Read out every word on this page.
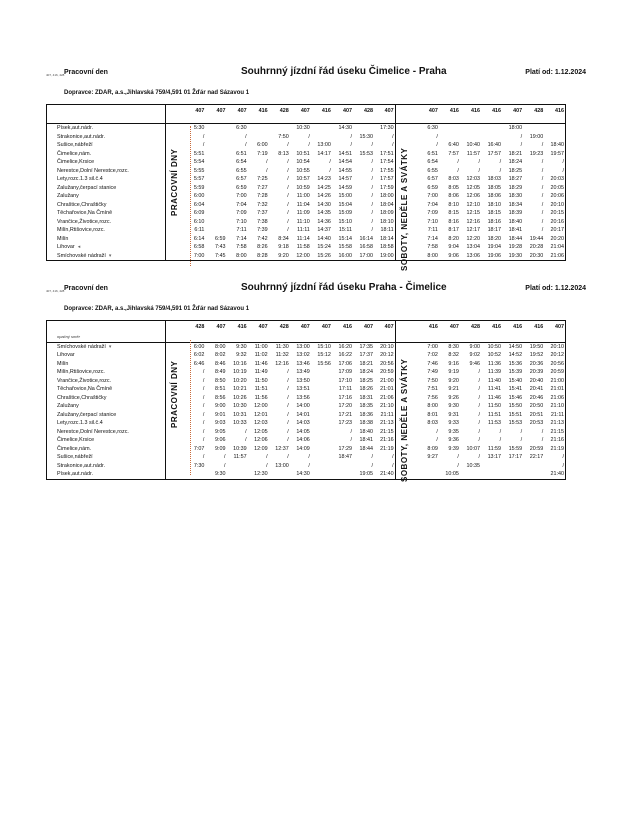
407, 416, 428 Pracovní den	Souhrnný jízdní řád úseku Čimelice - Praha	Platí od: 1.12.2024
Dopravce: ZDAR, a.s.,Jihlavská 759/4,591 01 Žďár nad Sázavou 1
		407	407	407	416	428	407	416	407	428	407		407	416	416	416	407	428	416

Písek,aut.nádr.		5:30		6:30			10:30		14:30		17:30		6:30				18:00		
Strakonice,aut.nádr.		/		/		7:50	/		/	15:30	/		/				/	19:00	
Sušice,nábřeží		/		/	6:00	/	/	13:00	/	/	/		/	6:40	10:40	16:40	/	/	18:40
Čimelice,nám.		5:51		6:51	7:19	8:13	10:51	14:17	14:51	15:53	17:51		6:51	7:57	11:57	17:57	18:21	19:23	19:57
Čimelice,Krsice		5:54		6:54	/	/	10:54	/	14:54	/	17:54		6:54	/	/	/	18:24	/	/
Nerestce,Dolní Nerestce,rozc.		5:55		6:55	/	/	10:55	/	14:55	/	17:55		6:55	/	/	/	18:25	/	/
Lety,rozc.1.3 sil.č.4		5:57		6:57	7:25	/	10:57	14:23	14:57	/	17:57		6:57	8:03	12:03	18:03	18:27	/	20:03
Zalužany,čerpací stanice		5:59		6:59	7:27	/	10:59	14:25	14:59	/	17:59		6:59	8:05	12:05	18:05	18:29	/	20:05
Zalužany		6:00		7:00	7:28	/	11:00	14:26	15:00	/	18:00		7:00	8:06	12:06	18:06	18:30	/	20:06
Chraštice,Chraštičky		6:04		7:04	7:32	/	11:04	14:30	15:04	/	18:04		7:04	8:10	12:10	18:10	18:34	/	20:10
Těchařovice,Na Čmíně		6:09		7:09	7:37	/	11:09	14:35	15:09	/	18:09		7:09	8:15	12:15	18:15	18:39	/	20:15
Vrančice,Životice,rozc.		6:10		7:10	7:38	/	11:10	14:36	15:10	/	18:10		7:10	8:16	12:16	18:16	18:40	/	20:16
Milín,Rtišovice,rozc.		6:11		7:11	7:39	/	11:11	14:37	15:11	/	18:11		7:11	8:17	12:17	18:17	18:41	/	20:17
Milín		6:14	6:59	7:14	7:42	8:34	11:14	14:40	15:14	16:14	18:14		7:14	8:20	12:20	18:20	18:44	19:44	20:20
Lihovar ◂		6:58	7:43	7:58	8:26	9:18	11:58	15:24	15:58	16:58	18:58		7:58	9:04	13:04	19:04	19:28	20:28	21:04
Smíchovské nádraží ▾		7:00	7:45	8:00	8:28	9:20	12:00	15:26	16:00	17:00	19:00		8:00	9:06	13:06	19:06	19:30	20:30	21:06
PRACOVNÍ DNY	SOBOTY, NEDĚLE A SVÁTKY
407, 416, 428 Pracovní den	Souhrnný jízdní řád úseku Praha - Čimelice	Platí od: 1.12.2024
Dopravce: ZDAR, a.s.,Jihlavská 759/4,591 01 Žďár nad Sázavou 1
		428	407	416	407	428	407	407	416	407	407		416	407	428	416	416	416	407
opačný směr																			
Smíchovské nádraží ▾		6:00	8:00	9:30	11:00	11:30	13:00	15:10	16:20	17:35	20:10		7:00	8:30	9:00	10:50	14:50	19:50	20:10
Lihovar		6:02	8:02	9:32	11:02	11:32	13:02	15:12	16:22	17:37	20:12		7:02	8:32	9:02	10:52	14:52	19:52	20:12
Milín		6:46	8:46	10:16	11:46	12:16	13:46	15:56	17:06	18:21	20:56		7:46	9:16	9:46	11:36	15:36	20:36	20:56
Milín,Rtišovice,rozc.		/	8:49	10:19	11:49	/	13:49		17:09	18:24	20:59		7:49	9:19	/	11:39	15:39	20:39	20:59
Vrančice,Životice,rozc.		/	8:50	10:20	11:50	/	13:50		17:10	18:25	21:00		7:50	9:20	/	11:40	15:40	20:40	21:00
Těchařovice,Na Čmíně		/	8:51	10:21	11:51	/	13:51		17:11	18:26	21:01		7:51	9:21	/	11:41	15:41	20:41	21:01
Chraštice,Chraštičky		/	8:56	10:26	11:56	/	13:56		17:16	18:31	21:06		7:56	9:26	/	11:46	15:46	20:46	21:06
Zalužany		/	9:00	10:30	12:00	/	14:00		17:20	18:35	21:10		8:00	9:30	/	11:50	15:50	20:50	21:10
Zalužany,čerpací stanice		/	9:01	10:31	12:01	/	14:01		17:21	18:36	21:11		8:01	9:31	/	11:51	15:51	20:51	21:11
Lety,rozc.1.3 sil.č.4		/	9:03	10:33	12:03	/	14:03		17:23	18:38	21:13		8:03	9:33	/	11:53	15:53	20:53	21:13
Nerestce,Dolní Nerestce,rozc.		/	9:05	/	12:05	/	14:05		/	18:40	21:15		/	9:35	/	/	/	/	21:15
Čimelice,Krsice		/	9:06	/	12:06	/	14:06		/	18:41	21:16		/	9:36	/	/	/	/	21:16
Čimelice,nám.		7:07	9:09	10:39	12:09	12:37	14:09		17:29	18:44	21:19		8:09	9:39	10:07	11:59	15:59	20:59	21:19
Sušice,nábřeží		/	/	11:57	/	/	/		18:47	/	/		9:27	/	/	13:17	17:17	22:17	/
Strakonice,aut.nádr.		7:30	/		/	13:00	/			/	/			/	10:35				/
Písek,aut.nádr.			9:30		12:30		14:30			19:05	21:40			10:05					21:40
PRACOVNÍ DNY	SOBOTY, NEDĚLE A SVÁTKY
